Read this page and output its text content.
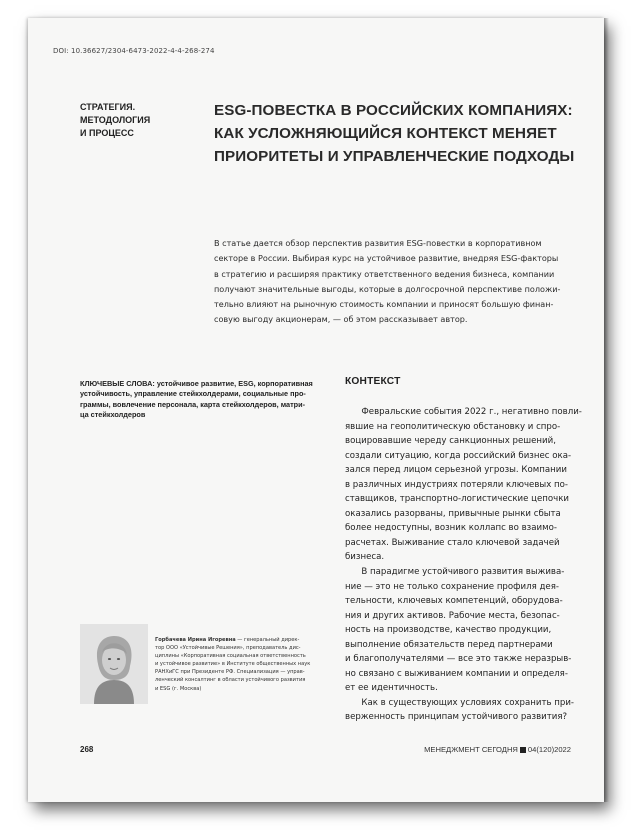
DOI: 10.36627/2304-6473-2022-4-4-268-274
СТРАТЕГИЯ.
МЕТОДОЛОГИЯ
И ПРОЦЕСС
ESG-ПОВЕСТКА В РОССИЙСКИХ КОМПАНИЯХ:
КАК УСЛОЖНЯЮЩИЙСЯ КОНТЕКСТ МЕНЯЕТ
ПРИОРИТЕТЫ И УПРАВЛЕНЧЕСКИЕ ПОДХОДЫ
В статье дается обзор перспектив развития ESG-повестки в корпоративном
секторе в России. Выбирая курс на устойчивое развитие, внедряя ESG-факторы
в стратегию и расширяя практику ответственного ведения бизнеса, компании
получают значительные выгоды, которые в долгосрочной перспективе положи-
тельно влияют на рыночную стоимость компании и приносят большую финан-
совую выгоду акционерам, — об этом рассказывает автор.
КЛЮЧЕВЫЕ СЛОВА: устойчивое развитие, ESG, корпоративная
устойчивость, управление стейкхолдерами, социальные про-
граммы, вовлечение персонала, карта стейкхолдеров, матри-
ца стейкхолдеров
КОНТЕКСТ
Февральские события 2022 г., негативно повли-
явшие на геополитическую обстановку и спро-
воцировавшие череду санкционных решений,
создали ситуацию, когда российский бизнес ока-
зался перед лицом серьезной угрозы. Компании
в различных индустриях потеряли ключевых по-
ставщиков, транспортно-логистические цепочки
оказались разорваны, привычные рынки сбыта
более недоступны, возник коллапс во взаимо-
расчетах. Выживание стало ключевой задачей
бизнеса.
В парадигме устойчивого развития выжива-
ние — это не только сохранение профиля дея-
тельности, ключевых компетенций, оборудова-
ния и других активов. Рабочие места, безопас-
ность на производстве, качество продукции,
выполнение обязательств перед партнерами
и благополучателями — все это также неразрыв-
но связано с выживанием компании и определя-
ет ее идентичность.
Как в существующих условиях сохранить при-
верженность принципам устойчивого развития?
Горбачева Ирина Игоревна — генеральный дирек-
тор ООО «Устойчивые Решения», преподаватель дис-
циплины «Корпоративная социальная ответственность
и устойчивое развитие» в Институте общественных наук
РАНХиГС при Президенте РФ. Специализация — управ-
ленческий консалтинг в области устойчивого развития
и ESG (г. Москва)
268	МЕНЕДЖМЕНТ СЕГОДНЯ 04(120)2022
